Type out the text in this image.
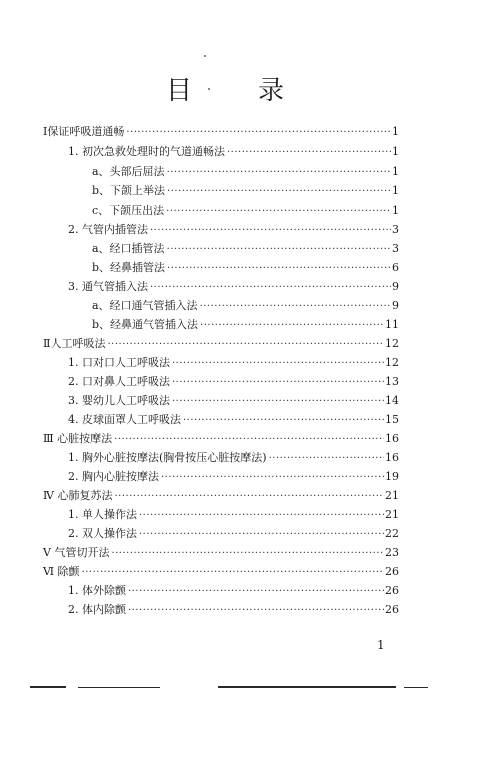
目	录
Ⅰ保证呼吸道通畅 ·····	1
1. 初次急救处理时的气道通畅法 ·····	1
a、头部后屈法 ·····	1
b、下颌上举法 ·····	1
c、下颌压出法 ·····	1
2. 气管内插管法 ·····	3
a、经口插管法 ·····	3
b、经鼻插管法 ·····	6
3. 通气管插入法 ·····	9
a、经口通气管插入法 ·····	9
b、经鼻通气管插入法 ·····	11
Ⅱ人工呼吸法 ·····	12
1. 口对口人工呼吸法 ·····	12
2. 口对鼻人工呼吸法 ·····	13
3. 婴幼儿人工呼吸法 ·····	14
4. 皮球面罩人工呼吸法 ·····	15
Ⅲ 心脏按摩法 ·····	16
1. 胸外心脏按摩法(胸骨按压心脏按摩法) ·····	16
2. 胸内心脏按摩法 ·····	19
Ⅳ 心肺复苏法 ·····	21
1. 单人操作法 ·····	21
2. 双人操作法 ·····	22
Ⅴ 气管切开法 ·····	23
Ⅵ 除颤 ·····	26
1. 体外除颤 ·····	26
2. 体内除颤 ·····	26
1
